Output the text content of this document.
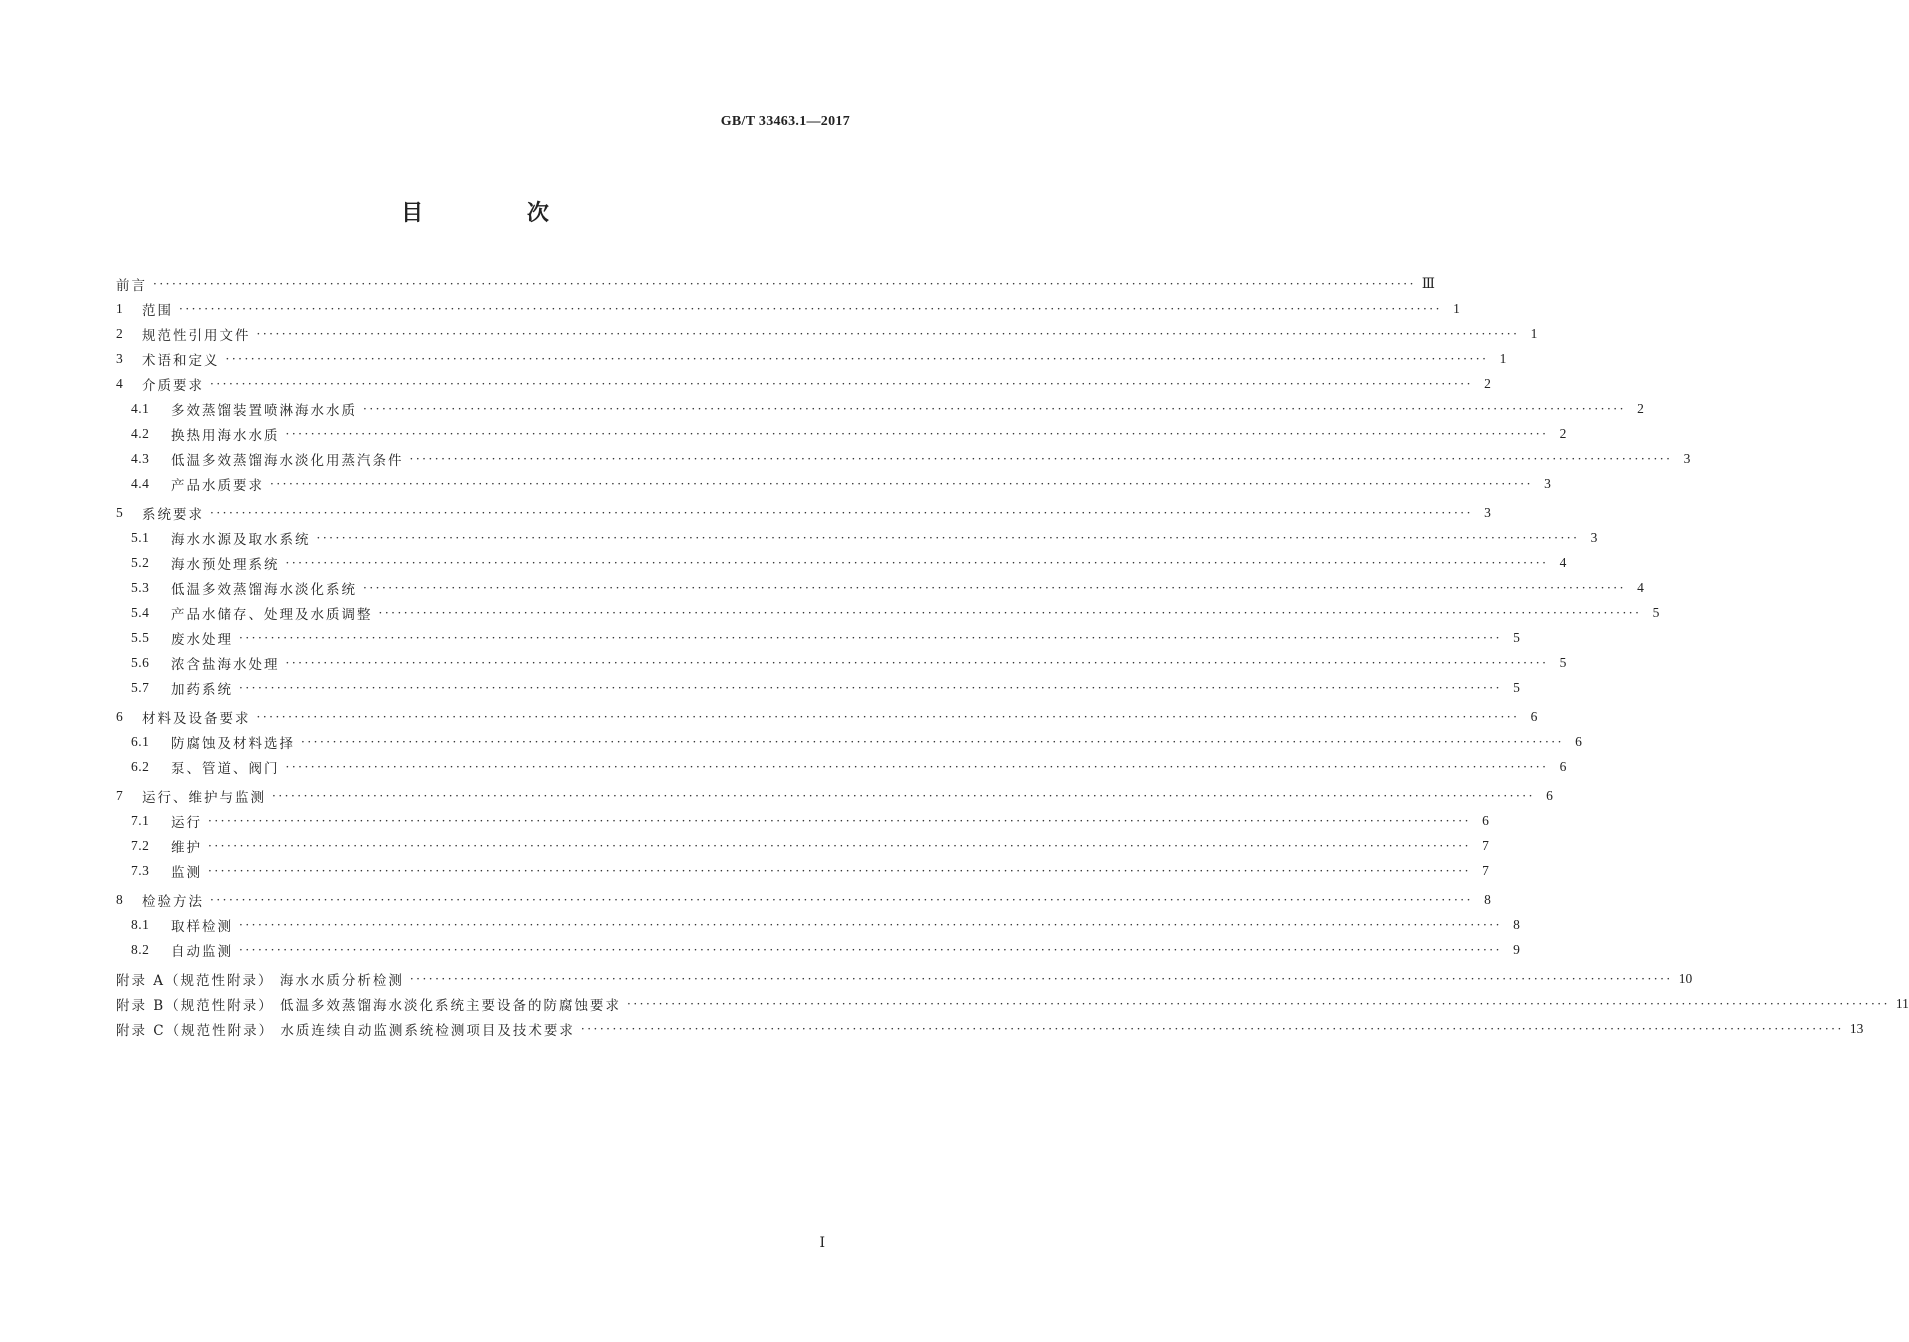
GB/T 33463.1—2017
目 次
前言 ········································································································································································································ Ⅲ
1	范围 ········································································································································································································ 1
2	规范性引用文件 ········································································································································································································ 1
3	术语和定义 ········································································································································································································ 1
4	介质要求 ········································································································································································································ 2
4.1	多效蒸馏装置喷淋海水水质 ········································································································································································································ 2
4.2	换热用海水水质 ········································································································································································································ 2
4.3	低温多效蒸馏海水淡化用蒸汽条件 ········································································································································································································ 3
4.4	产品水质要求 ········································································································································································································ 3
5	系统要求 ········································································································································································································ 3
5.1	海水水源及取水系统 ········································································································································································································ 3
5.2	海水预处理系统 ········································································································································································································ 4
5.3	低温多效蒸馏海水淡化系统 ········································································································································································································ 4
5.4	产品水储存、处理及水质调整 ········································································································································································································ 5
5.5	废水处理 ········································································································································································································ 5
5.6	浓含盐海水处理 ········································································································································································································ 5
5.7	加药系统 ········································································································································································································ 5
6	材料及设备要求 ········································································································································································································ 6
6.1	防腐蚀及材料选择 ········································································································································································································ 6
6.2	泵、管道、阀门 ········································································································································································································ 6
7	运行、维护与监测 ········································································································································································································ 6
7.1	运行 ········································································································································································································ 6
7.2	维护 ········································································································································································································ 7
7.3	监测 ········································································································································································································ 7
8	检验方法 ········································································································································································································ 8
8.1	取样检测 ········································································································································································································ 8
8.2	自动监测 ········································································································································································································ 9
附录 A（规范性附录） 海水水质分析检测 ········································································································································································································ 10
附录 B（规范性附录） 低温多效蒸馏海水淡化系统主要设备的防腐蚀要求 ········································································································································································································ 11
附录 C（规范性附录） 水质连续自动监测系统检测项目及技术要求 ········································································································································································································ 13
Ⅰ
